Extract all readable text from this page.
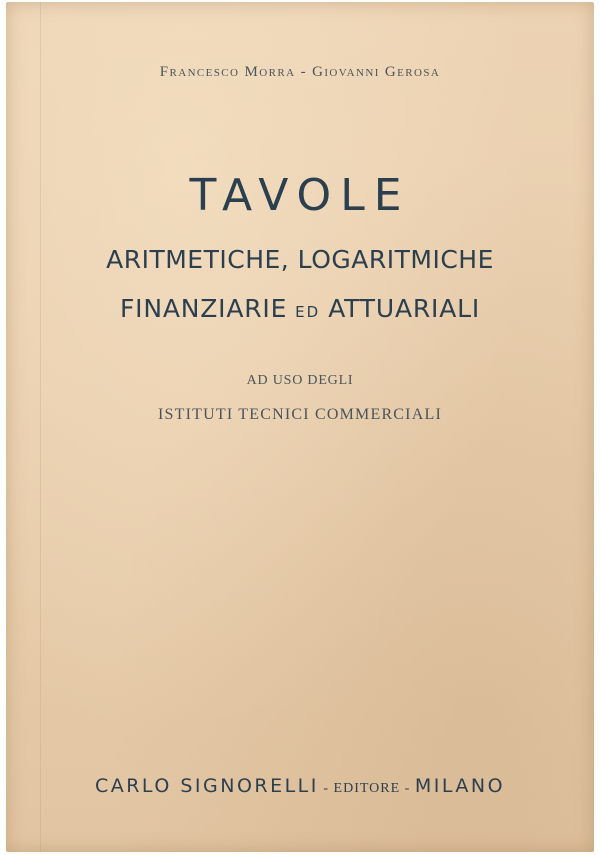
Francesco Morra - Giovanni Gerosa
TAVOLE
ARITMETICHE, LOGARITMICHE
FINANZIARIE ED ATTUARIALI
AD USO DEGLI
ISTITUTI TECNICI COMMERCIALI
CARLO SIGNORELLI - EDITORE - MILANO
